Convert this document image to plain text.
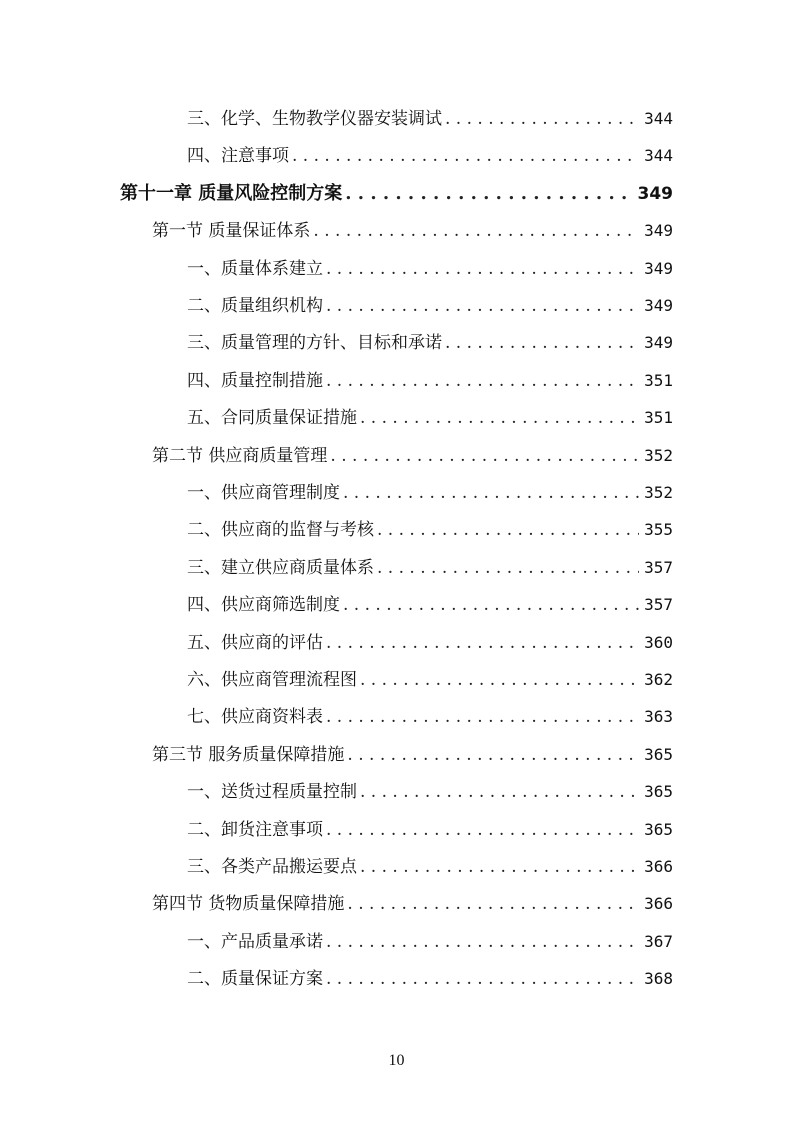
三、化学、生物教学仪器安装调试 . . .	344
四、注意事项 . . .	344
第十一章 质量风险控制方案 . . .	349
第一节 质量保证体系 . . .	349
一、质量体系建立 . . .	349
二、质量组织机构 . . .	349
三、质量管理的方针、目标和承诺 . . .	349
四、质量控制措施 . . .	351
五、合同质量保证措施 . . .	351
第二节 供应商质量管理 . . .	352
一、供应商管理制度 . . .	352
二、供应商的监督与考核 . . .	355
三、建立供应商质量体系 . . .	357
四、供应商筛选制度 . . .	357
五、供应商的评估 . . .	360
六、供应商管理流程图 . . .	362
七、供应商资料表 . . .	363
第三节 服务质量保障措施 . . .	365
一、送货过程质量控制 . . .	365
二、卸货注意事项 . . .	365
三、各类产品搬运要点 . . .	366
第四节 货物质量保障措施 . . .	366
一、产品质量承诺 . . .	367
二、质量保证方案 . . .	368
10
